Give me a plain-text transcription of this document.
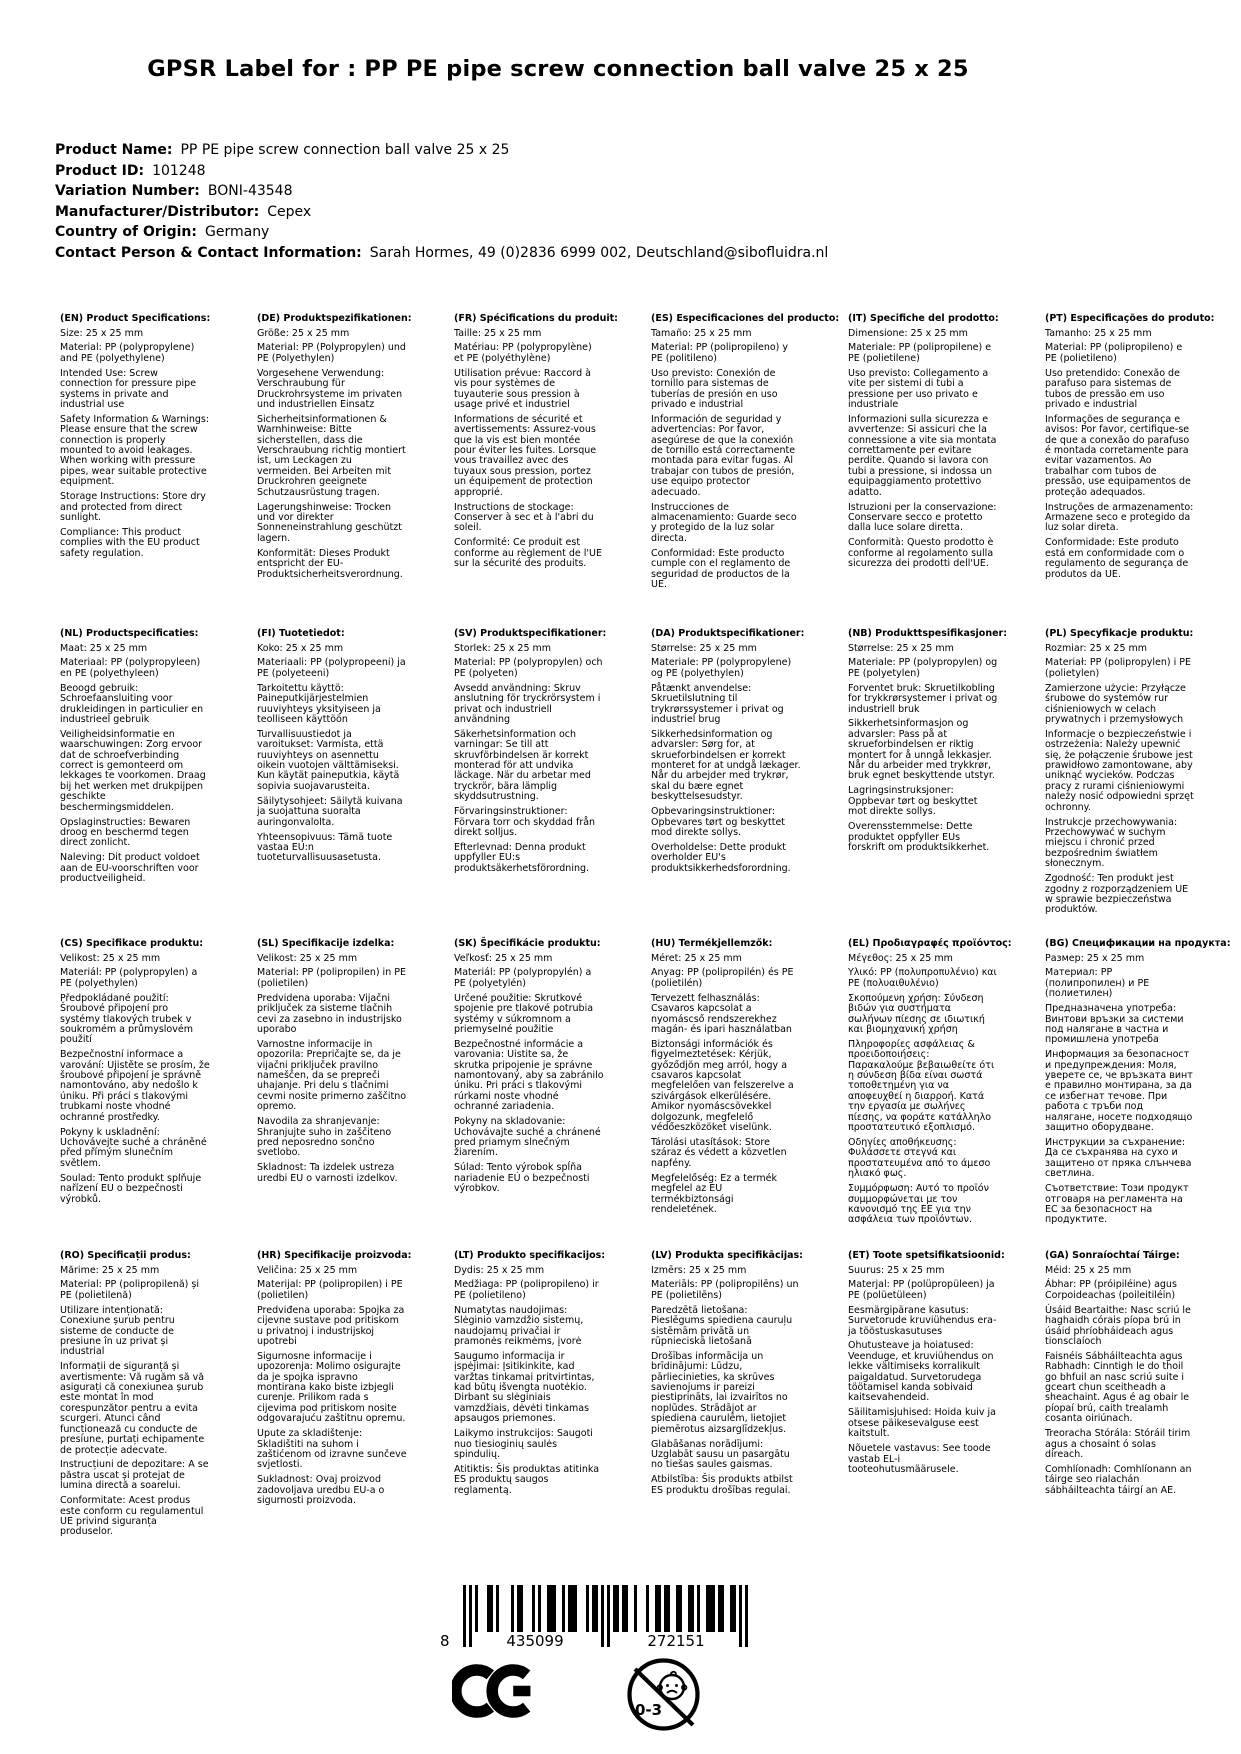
GPSR Label for : PP PE pipe screw connection ball valve 25 x 25
Product Name: PP PE pipe screw connection ball valve 25 x 25
Product ID: 101248
Variation Number: BONI-43548
Manufacturer/Distributor: Cepex
Country of Origin: Germany
Contact Person & Contact Information: Sarah Hormes, 49 (0)2836 6999 002, Deutschland@sibofluidra.nl
(EN) Product Specifications:

Size: 25 x 25 mm

Material: PP (polypropylene) and PE (polyethylene)

Intended Use: Screw connection for pressure pipe systems in private and industrial use

Safety Information & Warnings: Please ensure that the screw connection is properly mounted to avoid leakages. When working with pressure pipes, wear suitable protective equipment.

Storage Instructions: Store dry and protected from direct sunlight.

Compliance: This product complies with the EU product safety regulation.

(DE) Produktspezifikationen:

Größe: 25 x 25 mm

Material: PP (Polypropylen) und PE (Polyethylen)

Vorgesehene Verwendung: Verschraubung für Druckrohrsysteme im privaten und industriellen Einsatz

Sicherheitsinformationen & Warnhinweise: Bitte sicherstellen, dass die Verschraubung richtig montiert ist, um Leckagen zu vermeiden. Bei Arbeiten mit Druckrohren geeignete Schutzausrüstung tragen.

Lagerungshinweise: Trocken und vor direkter Sonneneinstrahlung geschützt lagern.

Konformität: Dieses Produkt entspricht der EU-Produktsicherheitsverordnung.

(FR) Spécifications du produit:

Taille: 25 x 25 mm

Matériau: PP (polypropylène) et PE (polyéthylène)

Utilisation prévue: Raccord à vis pour systèmes de tuyauterie sous pression à usage privé et industriel

Informations de sécurité et avertissements: Assurez-vous que la vis est bien montée pour éviter les fuites. Lorsque vous travaillez avec des tuyaux sous pression, portez un équipement de protection approprié.

Instructions de stockage: Conserver à sec et à l'abri du soleil.

Conformité: Ce produit est conforme au règlement de l'UE sur la sécurité des produits.

(ES) Especificaciones del producto:

Tamaño: 25 x 25 mm

Material: PP (polipropileno) y PE (politileno)

Uso previsto: Conexión de tornillo para sistemas de tuberías de presión en uso privado e industrial

Información de seguridad y advertencias: Por favor, asegúrese de que la conexión de tornillo está correctamente montada para evitar fugas. Al trabajar con tubos de presión, use equipo protector adecuado.

Instrucciones de almacenamiento: Guarde seco y protegido de la luz solar directa.

Conformidad: Este producto cumple con el reglamento de seguridad de productos de la UE.

(IT) Specifiche del prodotto:

Dimensione: 25 x 25 mm

Materiale: PP (polipropilene) e PE (polietilene)

Uso previsto: Collegamento a vite per sistemi di tubi a pressione per uso privato e industriale

Informazioni sulla sicurezza e avvertenze: Si assicuri che la connessione a vite sia montata correttamente per evitare perdite. Quando si lavora con tubi a pressione, si indossa un equipaggiamento protettivo adatto.

Istruzioni per la conservazione: Conservare secco e protetto dalla luce solare diretta.

Conformità: Questo prodotto è conforme al regolamento sulla sicurezza dei prodotti dell'UE.

(PT) Especificações do produto:

Tamanho: 25 x 25 mm

Material: PP (polipropileno) e PE (polietileno)

Uso pretendido: Conexão de parafuso para sistemas de tubos de pressão em uso privado e industrial

Informações de segurança e avisos: Por favor, certifique-se de que a conexão do parafuso é montada corretamente para evitar vazamentos. Ao trabalhar com tubos de pressão, use equipamentos de proteção adequados.

Instruções de armazenamento: Armazene seco e protegido da luz solar direta.

Conformidade: Este produto está em conformidade com o regulamento de segurança de produtos da UE.

(NL) Productspecificaties:

Maat: 25 x 25 mm

Materiaal: PP (polypropyleen) en PE (polyethyleen)

Beoogd gebruik: Schroefaansluiting voor drukleidingen in particulier en industrieel gebruik

Veiligheidsinformatie en waarschuwingen: Zorg ervoor dat de schroefverbinding correct is gemonteerd om lekkages te voorkomen. Draag bij het werken met drukpijpen geschikte beschermingsmiddelen.

Opslaginstructies: Bewaren droog en beschermd tegen direct zonlicht.

Naleving: Dit product voldoet aan de EU-voorschriften voor productveiligheid.

(FI) Tuotetiedot:

Koko: 25 x 25 mm

Materiaali: PP (polypropeeni) ja PE (polyeteeni)

Tarkoitettu käyttö: Paineputkijärjestelmien ruuviyhteys yksityiseen ja teolliseen käyttöön

Turvallisuustiedot ja varoitukset: Varmista, että ruuviyhteys on asennettu oikein vuotojen välttämiseksi. Kun käytät paineputkia, käytä sopivia suojavarusteita.

Säilytysohjeet: Säilytä kuivana ja suojattuna suoralta auringonvalolta.

Yhteensopivuus: Tämä tuote vastaa EU:n tuoteturvallisuusasetusta.

(SV) Produktspecifikationer:

Storlek: 25 x 25 mm

Material: PP (polypropylen) och PE (polyeten)

Avsedd användning: Skruv anslutning för tryckrörsystem i privat och industriell användning

Säkerhetsinformation och varningar: Se till att skruvförbindelsen är korrekt monterad för att undvika läckage. När du arbetar med tryckrör, bära lämplig skyddsutrustning.

Förvaringsinstruktioner: Förvara torr och skyddad från direkt solljus.

Efterlevnad: Denna produkt uppfyller EU:s produktsäkerhetsförordning.

(DA) Produktspecifikationer:

Størrelse: 25 x 25 mm

Materiale: PP (polypropylene) og PE (polyethylen)

Påtænkt anvendelse: Skruetilslutning til trykrørssystemer i privat og industriel brug

Sikkerhedsinformation og advarsler: Sørg for, at skrueforbindelsen er korrekt monteret for at undgå lækager. Når du arbejder med trykrør, skal du bære egnet beskyttelsesudstyr.

Opbevaringsinstruktioner: Opbevares tørt og beskyttet mod direkte sollys.

Overholdelse: Dette produkt overholder EU's produktsikkerhedsforordning.

(NB) Produkttspesifikasjoner:

Størrelse: 25 x 25 mm

Materiale: PP (polypropylen) og PE (polyetylen)

Forventet bruk: Skruetilkobling for trykkrørsystemer i privat og industriell bruk

Sikkerhetsinformasjon og advarsler: Pass på at skrueforbindelsen er riktig montert for å unngå lekkasjer. Når du arbeider med trykkrør, bruk egnet beskyttende utstyr.

Lagringsinstruksjoner: Oppbevar tørt og beskyttet mot direkte sollys.

Overensstemmelse: Dette produktet oppfyller EUs forskrift om produktsikkerhet.

(PL) Specyfikacje produktu:

Rozmiar: 25 x 25 mm

Materiał: PP (polipropylen) i PE (polietylen)

Zamierzone użycie: Przyłącze śrubowe do systemów rur ciśnieniowych w celach prywatnych i przemysłowych

Informacje o bezpieczeństwie i ostrzeżenia: Należy upewnić się, że połączenie śrubowe jest prawidłowo zamontowane, aby uniknąć wycieków. Podczas pracy z rurami ciśnieniowymi należy nosić odpowiedni sprzęt ochronny.

Instrukcje przechowywania: Przechowywać w suchym miejscu i chronić przed bezpośrednim światłem słonecznym.

Zgodność: Ten produkt jest zgodny z rozporządzeniem UE w sprawie bezpieczeństwa produktów.

(CS) Specifikace produktu:

Velikost: 25 x 25 mm

Materiál: PP (polypropylen) a PE (polyethylen)

Předpokládané použití: Šroubové připojení pro systémy tlakových trubek v soukromém a průmyslovém použití

Bezpečnostní informace a varování: Ujistěte se prosím, že šroubové připojení je správně namontováno, aby nedošlo k úniku. Při práci s tlakovými trubkami noste vhodné ochranné prostředky.

Pokyny k uskladnění: Uchovávejte suché a chráněné před přímým slunečním světlem.

Soulad: Tento produkt splňuje nařízení EU o bezpečnosti výrobků.

(SL) Specifikacije izdelka:

Velikost: 25 x 25 mm

Material: PP (polipropilen) in PE (polietilen)

Predvidena uporaba: Vijačni priključek za sisteme tlačnih cevi za zasebno in industrijsko uporabo

Varnostne informacije in opozorila: Prepričajte se, da je vijačni priključek pravilno nameščen, da se prepreči uhajanje. Pri delu s tlačnimi cevmi nosite primerno zaščitno opremo.

Navodila za shranjevanje: Shranjujte suho in zaščiteno pred neposredno sončno svetlobo.

Skladnost: Ta izdelek ustreza uredbi EU o varnosti izdelkov.

(SK) Špecifikácie produktu:

Veľkosť: 25 x 25 mm

Materiál: PP (polypropylén) a PE (polyetylén)

Určené použitie: Skrutkové spojenie pre tlakové potrubia systémy v súkromnom a priemyselné použitie

Bezpečnostné informácie a varovania: Uistite sa, že skrutka pripojenie je správne namontovaný, aby sa zabránilo úniku. Pri práci s tlakovými rúrkami noste vhodné ochranné zariadenia.

Pokyny na skladovanie: Uchovávajte suché a chránené pred priamym slnečným žiarením.

Súlad: Tento výrobok spĺňa nariadenie EÚ o bezpečnosti výrobkov.

(HU) Termékjellemzők:

Méret: 25 x 25 mm

Anyag: PP (polipropilén) és PE (polietilén)

Tervezett felhasználás: Csavaros kapcsolat a nyomáscső rendszerekhez magán- és ipari használatban

Biztonsági információk és figyelmeztetések: Kérjük, győződjön meg arról, hogy a csavaros kapcsolat megfelelően van felszerelve a szivárgások elkerülésére. Amikor nyomáscsövekkel dolgozunk, megfelelő védőeszközöket viselünk.

Tárolási utasítások: Store száraz és védett a közvetlen napfény.

Megfelelőség: Ez a termék megfelel az EU termékbiztonsági rendeletének.

(EL) Προδιαγραφές προϊόντος:

Μέγεθος: 25 x 25 mm

Υλικό: PP (πολυπροπυλένιο) και PE (πολυαιθυλένιο)

Σκοπούμενη χρήση: Σύνδεση βιδών για συστήματα σωλήνων πίεσης σε ιδιωτική και βιομηχανική χρήση

Πληροφορίες ασφάλειας & προειδοποιήσεις: Παρακαλούμε βεβαιωθείτε ότι η σύνδεση βίδα είναι σωστά τοποθετημένη για να αποφευχθεί η διαρροή. Κατά την εργασία με σωλήνες πίεσης, να φοράτε κατάλληλο προστατευτικό εξοπλισμό.

Οδηγίες αποθήκευσης: Φυλάσσετε στεγνά και προστατευμένα από το άμεσο ηλιακό φως.

Συμμόρφωση: Αυτό το προϊόν συμμορφώνεται με τον κανονισμό της ΕΕ για την ασφάλεια των προϊόντων.

(BG) Спецификации на продукта:

Размер: 25 x 25 mm

Материал: PP (полипропилен) и PE (полиетилен)

Предназначена употреба: Винтови връзки за системи под налягане в частна и промишлена употреба

Информация за безопасност и предупреждения: Моля, уверете се, че връзката винт е правилно монтирана, за да се избегнат течове. При работа с тръби под налягане, носете подходящо защитно оборудване.

Инструкции за съхранение: Да се съхранява на сухо и защитено от пряка слънчева светлина.

Съответствие: Този продукт отговаря на регламента на ЕС за безопасност на продуктите.

(RO) Specificații produs:

Mărime: 25 x 25 mm

Material: PP (polipropilenă) și PE (polietilenă)

Utilizare intenționată: Conexiune șurub pentru sisteme de conducte de presiune în uz privat și industrial

Informații de siguranță și avertismente: Vă rugăm să vă asigurați că conexiunea șurub este montat în mod corespunzător pentru a evita scurgeri. Atunci când funcționează cu conducte de presiune, purtați echipamente de protecție adecvate.

Instrucțiuni de depozitare: A se păstra uscat și protejat de lumina directă a soarelui.

Conformitate: Acest produs este conform cu regulamentul UE privind siguranța produselor.

(HR) Specifikacije proizvoda:

Veličina: 25 x 25 mm

Materijal: PP (polipropilen) i PE (polietilen)

Predviđena uporaba: Spojka za cijevne sustave pod pritiskom u privatnoj i industrijskoj upotrebi

Sigurnosne informacije i upozorenja: Molimo osigurajte da je spojka ispravno montirana kako biste izbjegli curenje. Prilikom rada s cijevima pod pritiskom nosite odgovarajuću zaštitnu opremu.

Upute za skladištenje: Skladištiti na suhom i zaštićenom od izravne sunčeve svjetlosti.

Sukladnost: Ovaj proizvod zadovoljava uredbu EU-a o sigurnosti proizvoda.

(LT) Produkto specifikacijos:

Dydis: 25 x 25 mm

Medžiaga: PP (polipropileno) ir PE (polietileno)

Numatytas naudojimas: Slėginio vamzdžio sistemų, naudojamų privačiai ir pramonės reikmėms, įvorė

Saugumo informacija ir įspėjimai: Įsitikinkite, kad varžtas tinkamai pritvirtintas, kad būtų išvengta nuotėkio. Dirbant su slėginiais vamzdžiais, dėvėti tinkamas apsaugos priemones.

Laikymo instrukcijos: Saugoti nuo tiesioginių saulės spindulių.

Atitiktis: Šis produktas atitinka ES produktų saugos reglamentą.

(LV) Produkta specifikācijas:

Izmērs: 25 x 25 mm

Materiāls: PP (polipropilēns) un PE (polietilēns)

Paredzētā lietošana: Pieslēgums spiediena cauruļu sistēmām privātā un rūpnieciskā lietošanā

Drošības informācija un brīdinājumi: Lūdzu, pārliecinieties, ka skrūves savienojums ir pareizi piestiprināts, lai izvairītos no noplūdes. Strādājot ar spiediena caurulēm, lietojiet piemērotus aizsarglīdzekļus.

Glabāšanas norādījumi: Uzglabāt sausu un pasargātu no tiešas saules gaismas.

Atbilstība: Šis produkts atbilst ES produktu drošības regulai.

(ET) Toote spetsifikatsioonid:

Suurus: 25 x 25 mm

Materjal: PP (polüpropüleen) ja PE (polüetüleen)

Eesmärgipärane kasutus: Survetorude kruviühendus era- ja tööstuskasutuses

Ohutusteave ja hoiatused: Veenduge, et kruviühendus on lekke vältimiseks korralikult paigaldatud. Survetorudega töötamisel kanda sobivaid kaitsevahendeid.

Säilitamisjuhised: Hoida kuiv ja otsese päikesevalguse eest kaitstult.

Nõuetele vastavus: See toode vastab EL-i tooteohutusmäärusele.

(GA) Sonraíochtaí Táirge:

Méid: 25 x 25 mm

Ábhar: PP (próipiléine) agus Corpoideachas (poileitiléin)

Úsáid Beartaithe: Nasc scriú le haghaidh córais píopa brú in úsáid phríobháideach agus tionsclaíoch

Faisnéis Sábháilteachta agus Rabhadh: Cinntigh le do thoil go bhfuil an nasc scriú suite i gceart chun sceitheadh a sheachaint. Agus é ag obair le píopaí brú, caith trealamh cosanta oiriúnach.

Treoracha Stórála: Stóráil tirim agus a chosaint ó solas díreach.

Comhlíonadh: Comhlíonann an táirge seo rialachán sábháilteachta táirgí an AE.

8	435099	272151
0-3
